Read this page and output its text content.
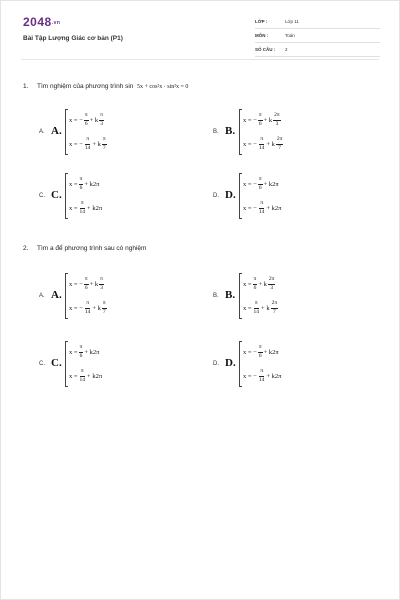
2048.vn
Bài Tập Lượng Giác cơ bản (P1)
LỚP :	Lớp 11
MÔN :	Toán
SỐ CÂU : 2
1. Tìm nghiệm của phương trình sin 5x + cos²x · sin²x = 0
A. A.
x = − $\frac{\pi}{6} + k \frac{\pi}{3}$
x = − $\frac{\pi}{14} + k \frac{\pi}{7}$
B. B.
x = − $\frac{\pi}{6} + k \frac{2\pi}{3}$
x = − $\frac{\pi}{14} + k \frac{2\pi}{7}$
C. C.
$x = \frac{\pi}{6} + k2\pi$
$x = \frac{\pi}{14} + k2\pi$
D. D.
x = − $\frac{\pi}{6} + k2\pi$
x = − $\frac{\pi}{14} + k2\pi$
2. Tìm a để phương trình sau có nghiệm
A. A.
x = − $\frac{\pi}{6} + k \frac{\pi}{3}$
x = − $\frac{\pi}{14} + k \frac{\pi}{7}$
B. B.
$x = \frac{\pi}{6} + k \frac{2\pi}{3}$
$x = \frac{\pi}{14} + k \frac{2\pi}{7}$
C. C.
$x = \frac{\pi}{6} + k2\pi$
$x = \frac{\pi}{14} + k2\pi$
D. D.
x = − $\frac{\pi}{6} + k2\pi$
x = − $\frac{\pi}{14} + k2\pi$
